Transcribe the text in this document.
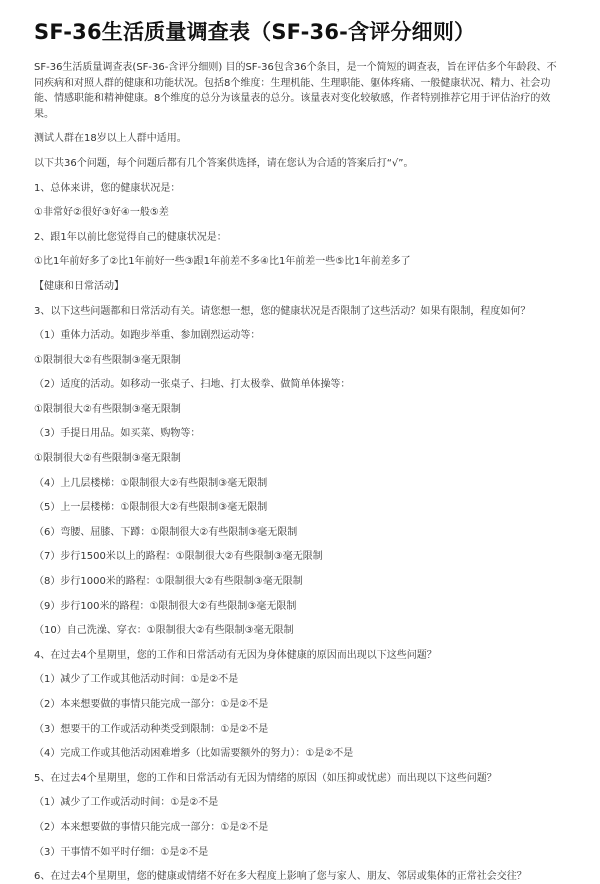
SF-36生活质量调查表（SF-36-含评分细则）

SF-36生活质量调查表(SF-36-含评分细则) 目的SF-36包含36个条目，是一个简短的调查表，旨在评估多个年龄段、不同疾病和对照人群的健康和功能状况。包括8个维度：生理机能、生理职能、躯体疼痛、一般健康状况、精力、社会功能、情感职能和精神健康。8个维度的总分为该量表的总分。该量表对变化较敏感，作者特别推荐它用于评估治疗的效果。

测试人群在18岁以上人群中适用。

以下共36个问题，每个问题后都有几个答案供选择，请在您认为合适的答案后打“√”。

1、总体来讲，您的健康状况是：

①非常好②很好③好④一般⑤差

2、跟1年以前比您觉得自己的健康状况是：

①比1年前好多了②比1年前好一些③跟1年前差不多④比1年前差一些⑤比1年前差多了

【健康和日常活动】

3、以下这些问题都和日常活动有关。请您想一想，您的健康状况是否限制了这些活动？如果有限制，程度如何？

（1）重体力活动。如跑步举重、参加剧烈运动等：

①限制很大②有些限制③毫无限制

（2）适度的活动。如移动一张桌子、扫地、打太极拳、做简单体操等：

①限制很大②有些限制③毫无限制

（3）手提日用品。如买菜、购物等：

①限制很大②有些限制③毫无限制

（4）上几层楼梯：①限制很大②有些限制③毫无限制

（5）上一层楼梯：①限制很大②有些限制③毫无限制

（6）弯腰、屈膝、下蹲：①限制很大②有些限制③毫无限制

（7）步行1500米以上的路程：①限制很大②有些限制③毫无限制

（8）步行1000米的路程：①限制很大②有些限制③毫无限制

（9）步行100米的路程：①限制很大②有些限制③毫无限制

（10）自己洗澡、穿衣：①限制很大②有些限制③毫无限制

4、在过去4个星期里，您的工作和日常活动有无因为身体健康的原因而出现以下这些问题？

（1）减少了工作或其他活动时间：①是②不是

（2）本来想要做的事情只能完成一部分：①是②不是

（3）想要干的工作或活动种类受到限制：①是②不是

（4）完成工作或其他活动困难增多（比如需要额外的努力）：①是②不是

5、在过去4个星期里，您的工作和日常活动有无因为情绪的原因（如压抑或忧虑）而出现以下这些问题？

（1）减少了工作或活动时间：①是②不是

（2）本来想要做的事情只能完成一部分：①是②不是

（3）干事情不如平时仔细：①是②不是

6、在过去4个星期里，您的健康或情绪不好在多大程度上影响了您与家人、朋友、邻居或集体的正常社会交往？
